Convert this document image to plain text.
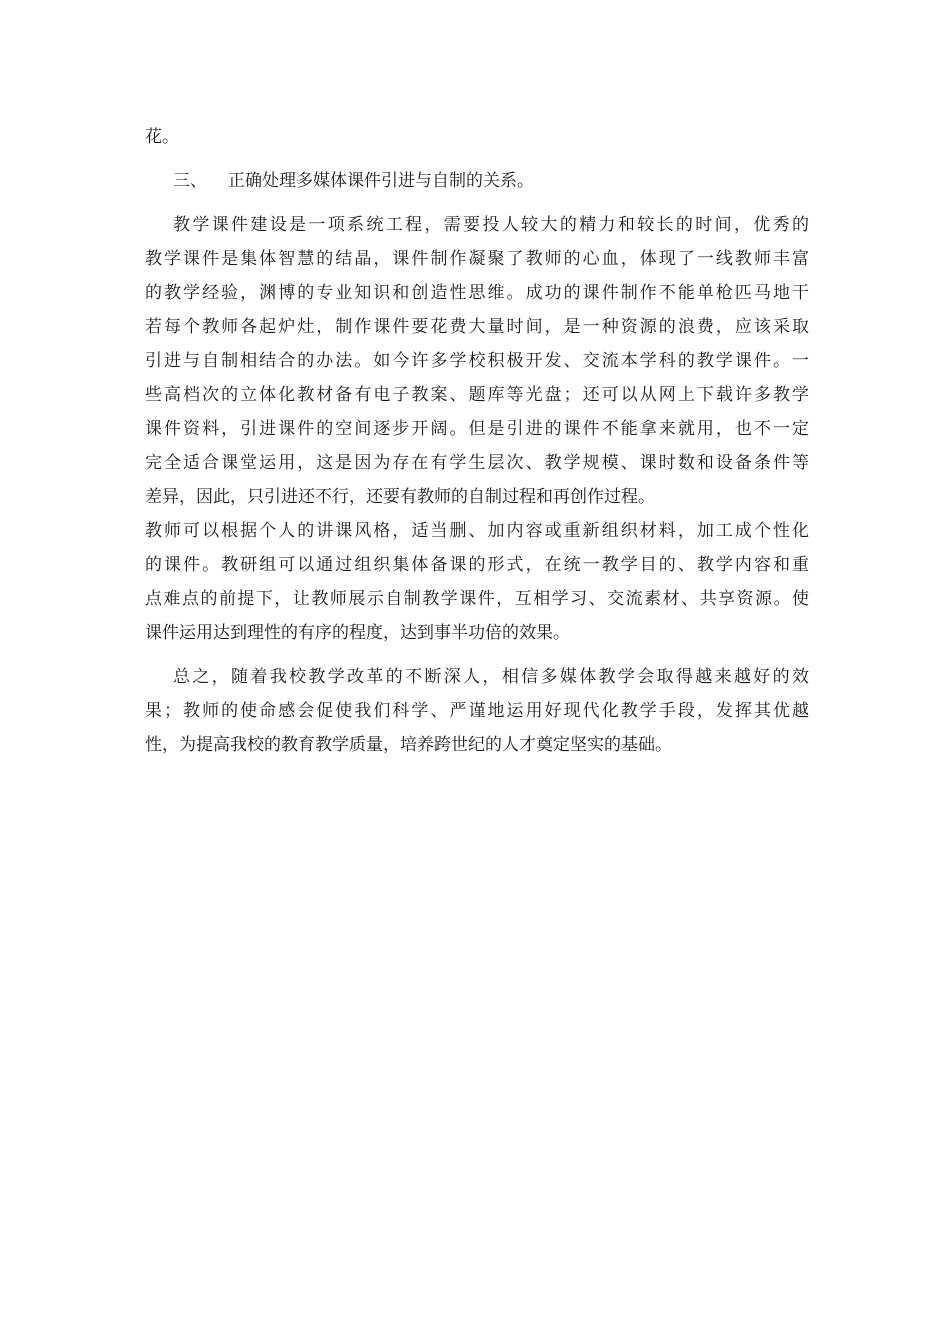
花。
三、 正确处理多媒体课件引进与自制的关系。
教学课件建设是一项系统工程，需要投人较大的精力和较长的时间，优秀的
教学课件是集体智慧的结晶，课件制作凝聚了教师的心血，体现了一线教师丰富
的教学经验，渊博的专业知识和创造性思维。成功的课件制作不能单枪匹马地干
若每个教师各起炉灶，制作课件要花费大量时间，是一种资源的浪费，应该采取
引进与自制相结合的办法。如今许多学校积极开发、交流本学科的教学课件。一
些高档次的立体化教材备有电子教案、题库等光盘；还可以从网上下载许多教学
课件资料，引进课件的空间逐步开阔。但是引进的课件不能拿来就用，也不一定
完全适合课堂运用，这是因为存在有学生层次、教学规模、课时数和设备条件等
差异，因此，只引进还不行，还要有教师的自制过程和再创作过程。
教师可以根据个人的讲课风格，适当删、加内容或重新组织材料，加工成个性化
的课件。教研组可以通过组织集体备课的形式，在统一教学目的、教学内容和重
点难点的前提下，让教师展示自制教学课件，互相学习、交流素材、共享资源。使
课件运用达到理性的有序的程度，达到事半功倍的效果。
总之，随着我校教学改革的不断深人，相信多媒体教学会取得越来越好的效
果；教师的使命感会促使我们科学、严谨地运用好现代化教学手段，发挥其优越
性，为提高我校的教育教学质量，培养跨世纪的人才奠定坚实的基础。
